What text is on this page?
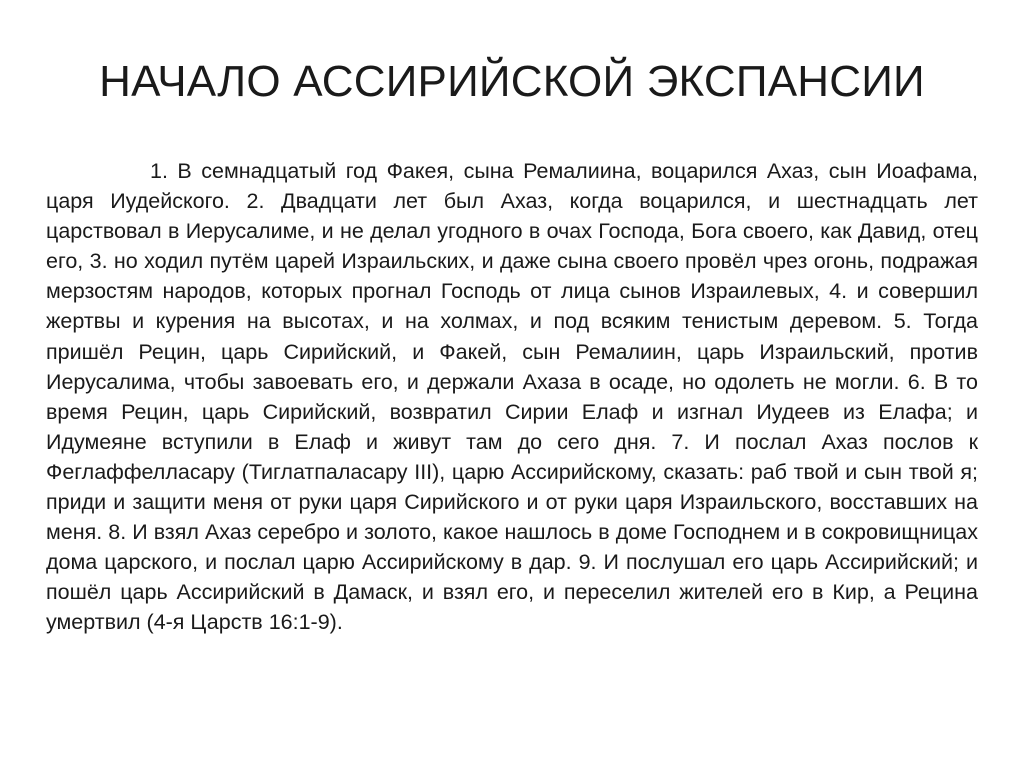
НАЧАЛО АССИРИЙСКОЙ ЭКСПАНСИИ

1. В семнадцатый год Факея, сына Ремалиина, воцарился Ахаз, сын Иоафама, царя Иудейского. 2. Двадцати лет был Ахаз, когда воцарился, и шестнадцать лет царствовал в Иерусалиме, и не делал угодного в очах Господа, Бога своего, как Давид, отец его, 3. но ходил путём царей Израильских, и даже сына своего провёл чрез огонь, подражая мерзостям народов, которых прогнал Господь от лица сынов Израилевых, 4. и совершил жертвы и курения на высотах, и на холмах, и под всяким тенистым деревом. 5. Тогда пришёл Рецин, царь Сирийский, и Факей, сын Ремалиин, царь Израильский, против Иерусалима, чтобы завоевать его, и держали Ахаза в осаде, но одолеть не могли. 6. В то время Рецин, царь Сирийский, возвратил Сирии Елаф и изгнал Иудеев из Елафа; и Идумеяне вступили в Елаф и живут там до сего дня. 7. И послал Ахаз послов к Феглаффелласару (Тиглатпаласару III), царю Ассирийскому, сказать: раб твой и сын твой я; приди и защити меня от руки царя Сирийского и от руки царя Израильского, восставших на меня. 8. И взял Ахаз серебро и золото, какое нашлось в доме Господнем и в сокровищницах дома царского, и послал царю Ассирийскому в дар. 9. И послушал его царь Ассирийский; и пошёл царь Ассирийский в Дамаск, и взял его, и переселил жителей его в Кир, а Рецина умертвил (4-я Царств 16:1-9).
